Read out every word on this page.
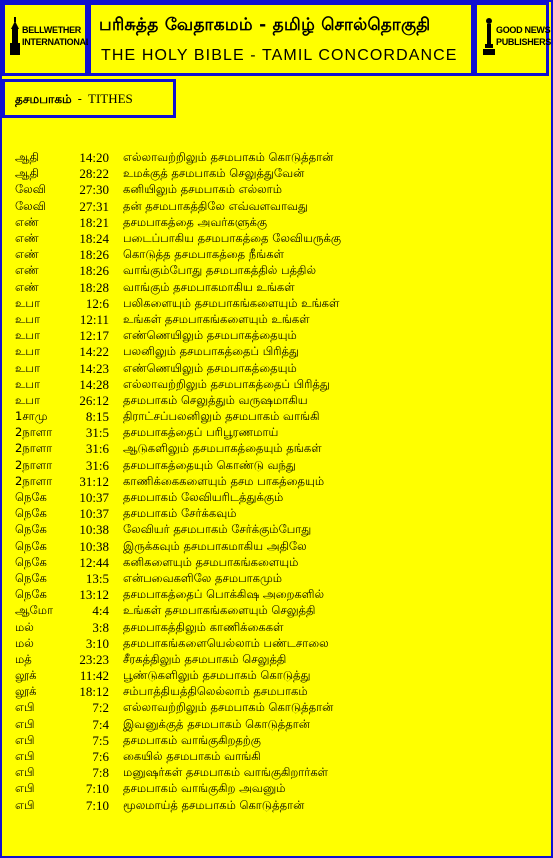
BELLWETHER
INTERNATIONAL
பரிசுத்த வேதாகமம் - தமிழ் சொல்தொகுதி
THE HOLY BIBLE - TAMIL CONCORDANCE
GOOD NEWS
PUBLISHERS
தசமபாகம் - TITHES
ஆதி	14:20	எல்லாவற்றிலும் தசமபாகம் கொடுத்தான்
ஆதி	28:22	உமக்குத் தசமபாகம் செலுத்துவேன்
லேவி	27:30	கனியிலும் தசமபாகம் எல்லாம்
லேவி	27:31	தன் தசமபாகத்திலே எவ்வளவாவது
எண்	18:21	தசமபாகத்தை அவர்களுக்கு
எண்	18:24	படைப்பாகிய தசமபாகத்தை லேவியருக்கு
எண்	18:26	கொடுத்த தசமபாகத்தை நீங்கள்
எண்	18:26	வாங்கும்போது தசமபாகத்தில் பத்தில்
எண்	18:28	வாங்கும் தசமபாகமாகிய உங்கள்
உபா	12:6	பலிகளையும் தசமபாகங்களையும் உங்கள்
உபா	12:11	உங்கள் தசமபாகங்களையும் உங்கள்
உபா	12:17	எண்ணெயிலும் தசமபாகத்தையும்
உபா	14:22	பலனிலும் தசமபாகத்தைப் பிரித்து
உபா	14:23	எண்ணெயிலும் தசமபாகத்தையும்
உபா	14:28	எல்லாவற்றிலும் தசமபாகத்தைப் பிரித்து
உபா	26:12	தசமபாகம் செலுத்தும் வருஷமாகிய
1சாமு	8:15	திராட்சப்பலனிலும் தசமபாகம் வாங்கி
2நாளா	31:5	தசமபாகத்தைப் பரிபூரணமாய்
2நாளா	31:6	ஆடுகளிலும் தசமபாகத்தையும் தங்கள்
2நாளா	31:6	தசமபாகத்தையும் கொண்டு வந்து
2நாளா	31:12	காணிக்கைகளையும் தசம பாகத்தையும்
நெகே	10:37	தசமபாகம் லேவியரிடத்துக்கும்
நெகே	10:37	தசமபாகம் சேர்க்கவும்
நெகே	10:38	லேவியர் தசமபாகம் சேர்க்கும்போது
நெகே	10:38	இருக்கவும் தசமபாகமாகிய அதிலே
நெகே	12:44	கனிகளையும் தசமபாகங்களையும்
நெகே	13:5	என்பவைகளிலே தசமபாகமும்
நெகே	13:12	தசமபாகத்தைப் பொக்கிஷ அறைகளில்
ஆமோ	4:4	உங்கள் தசமபாகங்களையும் செலுத்தி
மல்	3:8	தசமபாகத்திலும் காணிக்கைகள்
மல்	3:10	தசமபாகங்களையெல்லாம் பண்டசாலை
மத்	23:23	சீரகத்திலும் தசமபாகம் செலுத்தி
லூக்	11:42	பூண்டுகளிலும் தசமபாகம் கொடுத்து
லூக்	18:12	சம்பாத்தியத்திலெல்லாம் தசமபாகம்
எபி	7:2	எல்லாவற்றிலும் தசமபாகம் கொடுத்தான்
எபி	7:4	இவனுக்குத் தசமபாகம் கொடுத்தான்
எபி	7:5	தசமபாகம் வாங்குகிறதற்கு
எபி	7:6	கையில் தசமபாகம் வாங்கி
எபி	7:8	மனுஷர்கள் தசமபாகம் வாங்குகிறார்கள்
எபி	7:10	தசமபாகம் வாங்குகிற அவனும்
எபி	7:10	மூலமாய்த் தசமபாகம் கொடுத்தான்
